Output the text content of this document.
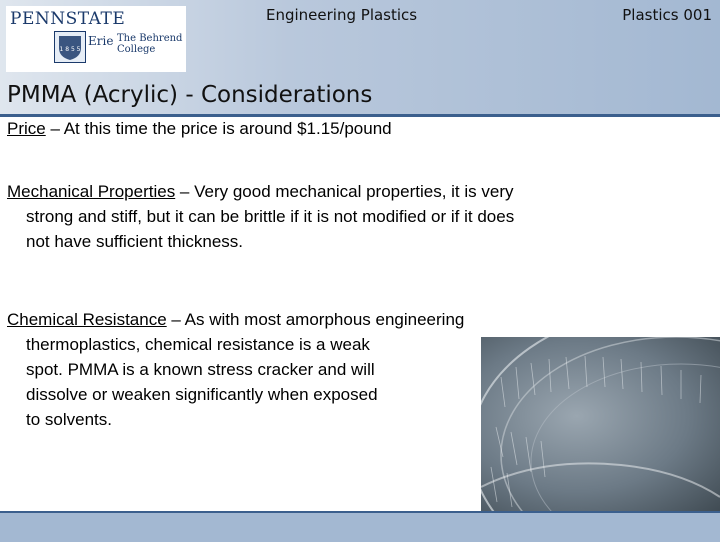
PENNSTATE
1 8 5 5
Erie The Behrend College
Engineering Plastics	Plastics 001
PMMA (Acrylic) - Considerations
Price – At this time the price is around $1.15/pound
Mechanical Properties – Very good mechanical properties, it is very
strong and stiff, but it can be brittle if it is not modified or if it does
not have sufficient thickness.
Chemical Resistance – As with most amorphous engineering
thermoplastics, chemical resistance is a weak
spot. PMMA is a known stress cracker and will
dissolve or weaken significantly when exposed
to solvents.
